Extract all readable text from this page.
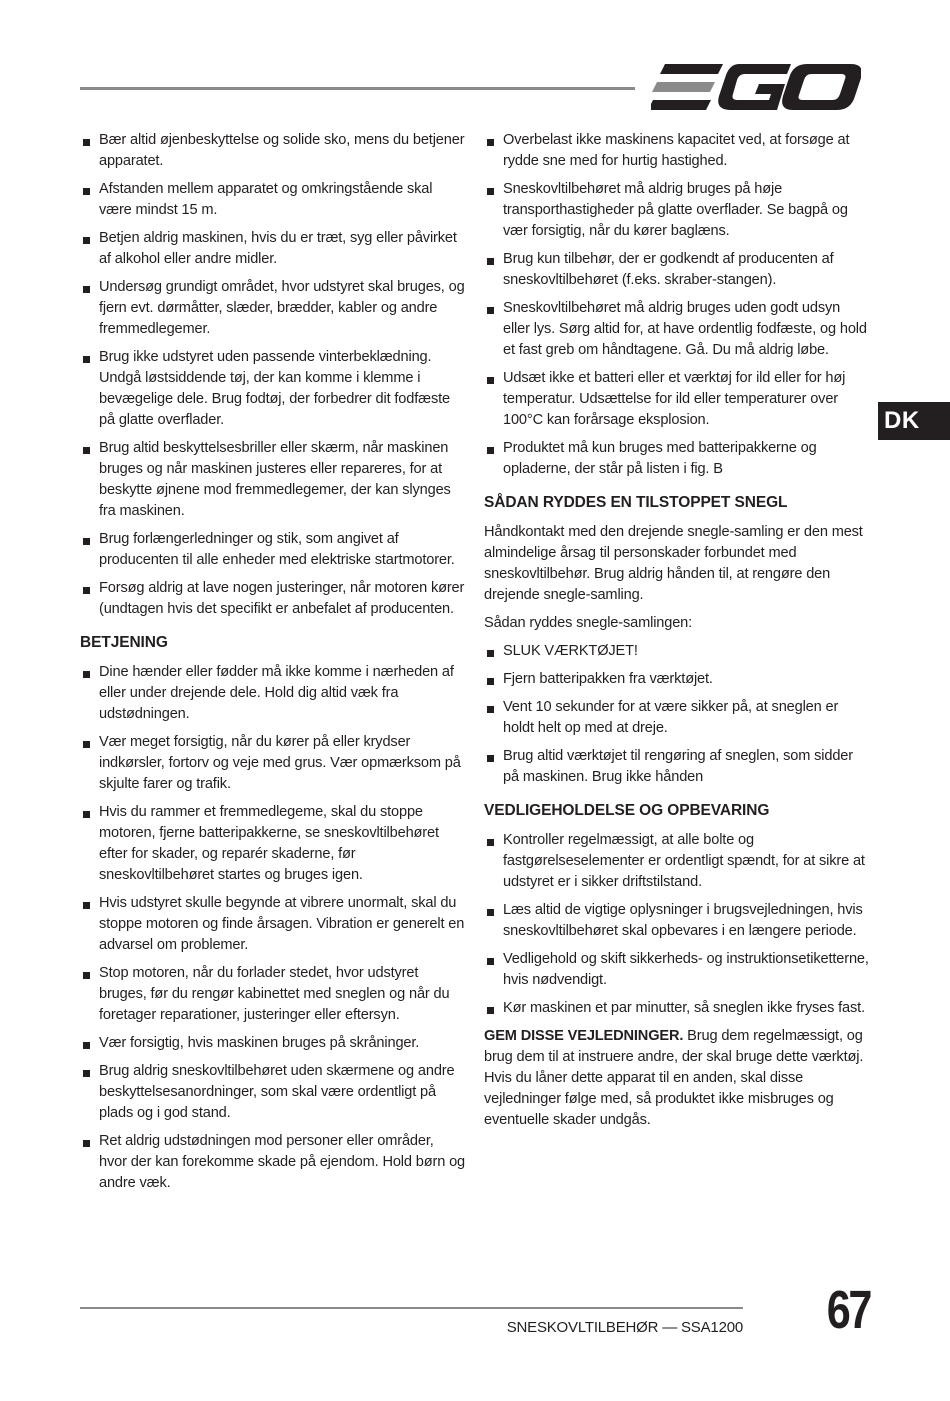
DK
Bær altid øjenbeskyttelse og solide sko, mens du betjener apparatet.
Afstanden mellem apparatet og omkringstående skal være mindst 15 m.
Betjen aldrig maskinen, hvis du er træt, syg eller påvirket af alkohol eller andre midler.
Undersøg grundigt området, hvor udstyret skal bruges, og fjern evt. dørmåtter, slæder, brædder, kabler og andre fremmedlegemer.
Brug ikke udstyret uden passende vinterbeklædning. Undgå løstsiddende tøj, der kan komme i klemme i bevægelige dele. Brug fodtøj, der forbedrer dit fodfæste på glatte overflader.
Brug altid beskyttelsesbriller eller skærm, når maskinen bruges og når maskinen justeres eller repareres, for at beskytte øjnene mod fremmedlegemer, der kan slynges fra maskinen.
Brug forlængerledninger og stik, som angivet af producenten til alle enheder med elektriske startmotorer.
Forsøg aldrig at lave nogen justeringer, når motoren kører (undtagen hvis det specifikt er anbefalet af producenten.
BETJENING
Dine hænder eller fødder må ikke komme i nærheden af eller under drejende dele. Hold dig altid væk fra udstødningen.
Vær meget forsigtig, når du kører på eller krydser indkørsler, fortorv og veje med grus. Vær opmærksom på skjulte farer og trafik.
Hvis du rammer et fremmedlegeme, skal du stoppe motoren, fjerne batteripakkerne, se sneskovltilbehøret efter for skader, og reparér skaderne, før sneskovltilbehøret startes og bruges igen.
Hvis udstyret skulle begynde at vibrere unormalt, skal du stoppe motoren og finde årsagen. Vibration er generelt en advarsel om problemer.
Stop motoren, når du forlader stedet, hvor udstyret bruges, før du rengør kabinettet med sneglen og når du foretager reparationer, justeringer eller eftersyn.
Vær forsigtig, hvis maskinen bruges på skråninger.
Brug aldrig sneskovltilbehøret uden skærmene og andre beskyttelsesanordninger, som skal være ordentligt på plads og i god stand.
Ret aldrig udstødningen mod personer eller områder, hvor der kan forekomme skade på ejendom. Hold børn og andre væk.
Overbelast ikke maskinens kapacitet ved, at forsøge at rydde sne med for hurtig hastighed.
Sneskovltilbehøret må aldrig bruges på høje transporthastigheder på glatte overflader. Se bagpå og vær forsigtig, når du kører baglæns.
Brug kun tilbehør, der er godkendt af producenten af sneskovltilbehøret (f.eks. skraber-stangen).
Sneskovltilbehøret må aldrig bruges uden godt udsyn eller lys. Sørg altid for, at have ordentlig fodfæste, og hold et fast greb om håndtagene. Gå. Du må aldrig løbe.
Udsæt ikke et batteri eller et værktøj for ild eller for høj temperatur. Udsættelse for ild eller temperaturer over 100°C kan forårsage eksplosion.
Produktet må kun bruges med batteripakkerne og opladerne, der står på listen i fig. B
SÅDAN RYDDES EN TILSTOPPET SNEGL

Håndkontakt med den drejende snegle-samling er den mest almindelige årsag til personskader forbundet med sneskovltilbehør. Brug aldrig hånden til, at rengøre den drejende snegle-samling.

Sådan ryddes snegle-samlingen:

SLUK VÆRKTØJET!
Fjern batteripakken fra værktøjet.
Vent 10 sekunder for at være sikker på, at sneglen er holdt helt op med at dreje.
Brug altid værktøjet til rengøring af sneglen, som sidder på maskinen. Brug ikke hånden
VEDLIGEHOLDELSE OG OPBEVARING
Kontroller regelmæssigt, at alle bolte og fastgørelseselementer er ordentligt spændt, for at sikre at udstyret er i sikker driftstilstand.
Læs altid de vigtige oplysninger i brugsvejledningen, hvis sneskovltilbehøret skal opbevares i en længere periode.
Vedligehold og skift sikkerheds- og instruktionsetiketterne, hvis nødvendigt.
Kør maskinen et par minutter, så sneglen ikke fryses fast.

GEM DISSE VEJLEDNINGER. Brug dem regelmæssigt, og brug dem til at instruere andre, der skal bruge dette værktøj. Hvis du låner dette apparat til en anden, skal disse vejledninger følge med, så produktet ikke misbruges og eventuelle skader undgås.

SNESKOVLTILBEHØR — SSA1200	67
